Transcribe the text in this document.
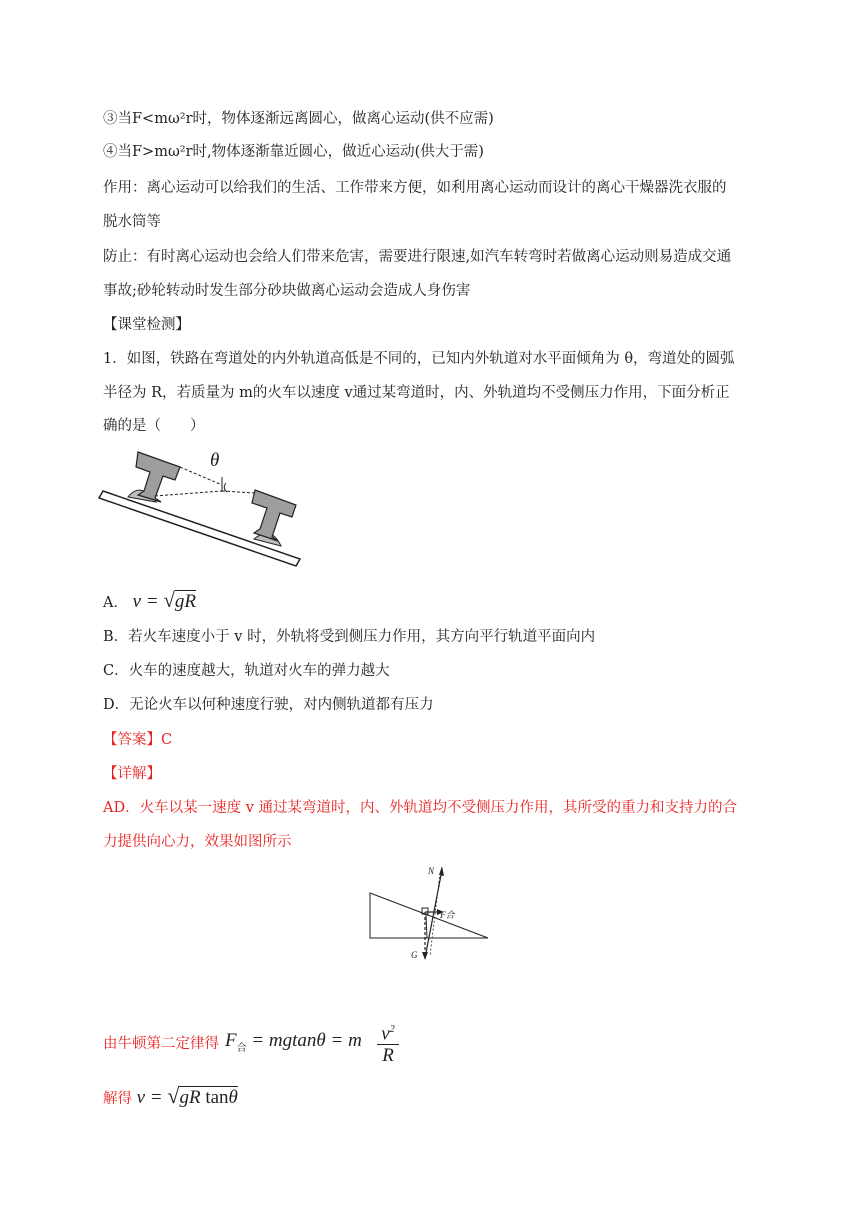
③当F<mω²r时，物体逐渐远离圆心，做离心运动(供不应需)
④当F>mω²r时,物体逐渐靠近圆心，做近心运动(供大于需)
作用：离心运动可以给我们的生活、工作带来方便，如利用离心运动而设计的离心干燥器洗衣服的
脱水筒等
防止：有时离心运动也会给人们带来危害，需要进行限速,如汽车转弯时若做离心运动则易造成交通
事故;砂轮转动时发生部分砂块做离心运动会造成人身伤害
【课堂检测】
1．如图，铁路在弯道处的内外轨道高低是不同的，已知内外轨道对水平面倾角为 θ，弯道处的圆弧
半径为 R，若质量为 m的火车以速度 v通过某弯道时，内、外轨道均不受侧压力作用，下面分析正
确的是（　　）
θ
A． v = √gR
B．若火车速度小于 v 时，外轨将受到侧压力作用，其方向平行轨道平面向内
C．火车的速度越大，轨道对火车的弹力越大
D．无论火车以何种速度行驶，对内侧轨道都有压力
【答案】C
【详解】
AD．火车以某一速度 v 通过某弯道时，内、外轨道均不受侧压力作用，其所受的重力和支持力的合
力提供向心力，效果如图所示
N
F合
G
由牛顿第二定律得 $F_合 = mgtan\theta = m$ $v^2$
R
解得 v = √gR tanθ
